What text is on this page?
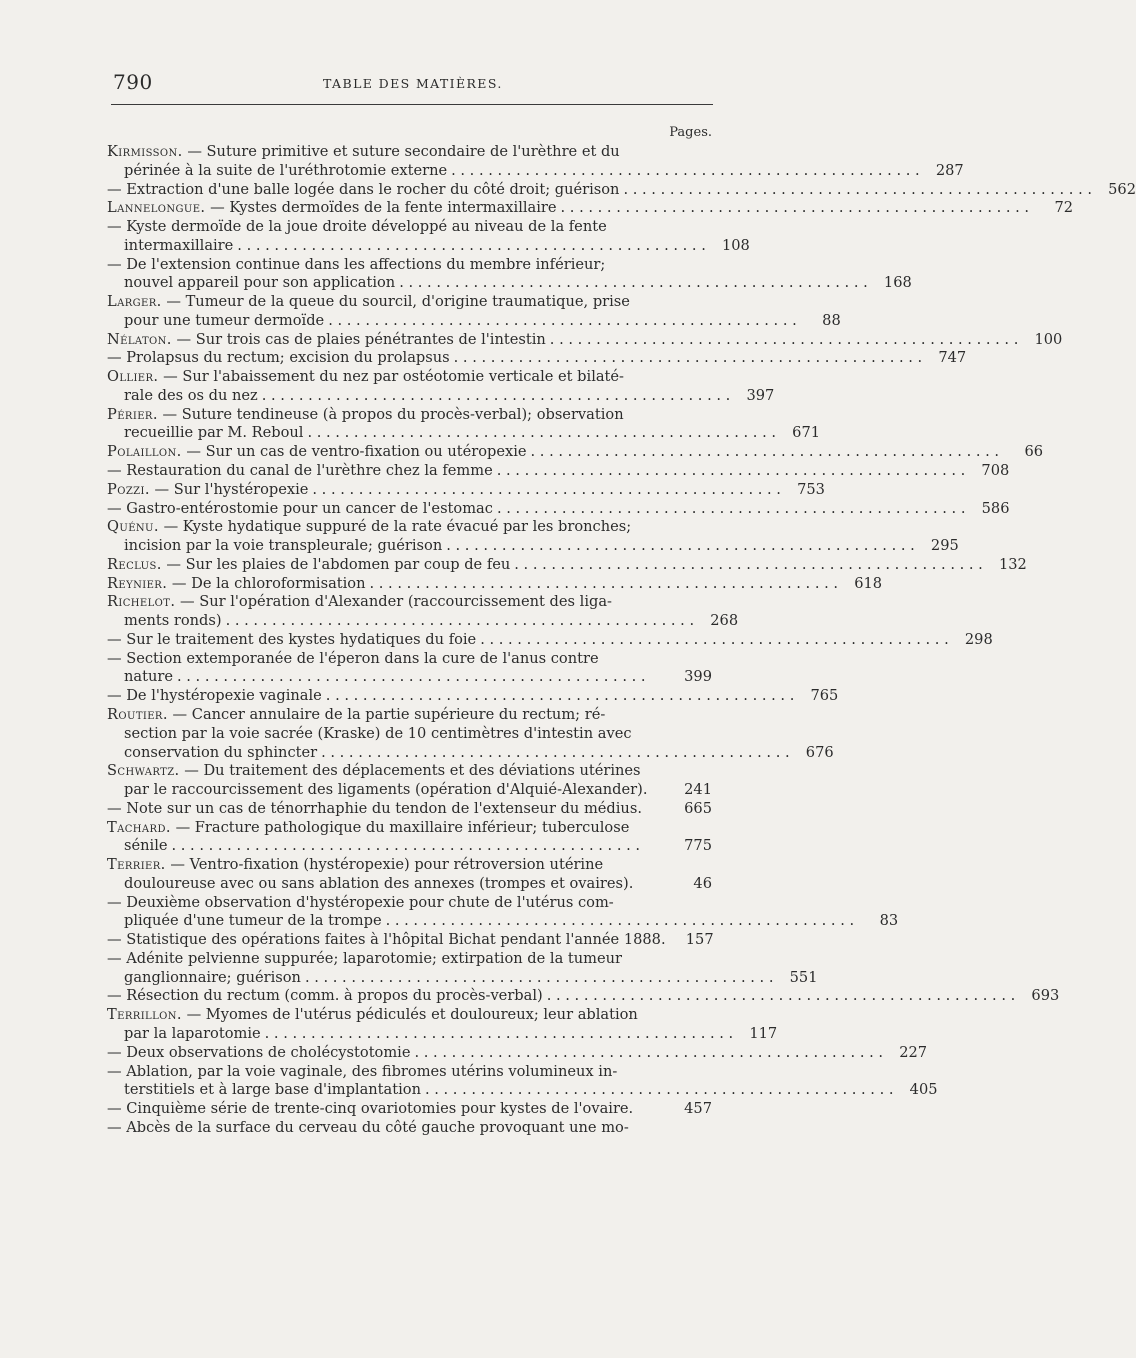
790	TABLE DES MATIÈRES.
Pages.
Kirmisson. — Suture primitive et suture secondaire de l'urèthre et du
périnée à la suite de l'uréthrotomie externe . . . . . . . . . . . . . . . . . . . . . . . . . . . . . . . . . . . . . . . . . . . . . . . . . . .	287
— Extraction d'une balle logée dans le rocher du côté droit; guérison . . . . . . . . . . . . . . . . . . . . . . . . . . . . . . . . . . . . . . . . . . . . . . . . . . .	562
Lannelongue. — Kystes dermoïdes de la fente intermaxillaire . . . . . . . . . . . . . . . . . . . . . . . . . . . . . . . . . . . . . . . . . . . . . . . . . . .	72
— Kyste dermoïde de la joue droite développé au niveau de la fente
intermaxillaire . . . . . . . . . . . . . . . . . . . . . . . . . . . . . . . . . . . . . . . . . . . . . . . . . . .	108
— De l'extension continue dans les affections du membre inférieur;
nouvel appareil pour son application . . . . . . . . . . . . . . . . . . . . . . . . . . . . . . . . . . . . . . . . . . . . . . . . . . .	168
Larger. — Tumeur de la queue du sourcil, d'origine traumatique, prise
pour une tumeur dermoïde . . . . . . . . . . . . . . . . . . . . . . . . . . . . . . . . . . . . . . . . . . . . . . . . . . .	88
Nélaton. — Sur trois cas de plaies pénétrantes de l'intestin . . . . . . . . . . . . . . . . . . . . . . . . . . . . . . . . . . . . . . . . . . . . . . . . . . .	100
— Prolapsus du rectum; excision du prolapsus . . . . . . . . . . . . . . . . . . . . . . . . . . . . . . . . . . . . . . . . . . . . . . . . . . .	747
Ollier. — Sur l'abaissement du nez par ostéotomie verticale et bilaté-
rale des os du nez . . . . . . . . . . . . . . . . . . . . . . . . . . . . . . . . . . . . . . . . . . . . . . . . . . .	397
Périer. — Suture tendineuse (à propos du procès-verbal); observation
recueillie par M. Reboul . . . . . . . . . . . . . . . . . . . . . . . . . . . . . . . . . . . . . . . . . . . . . . . . . . .	671
Polaillon. — Sur un cas de ventro-fixation ou utéropexie . . . . . . . . . . . . . . . . . . . . . . . . . . . . . . . . . . . . . . . . . . . . . . . . . . .	66
— Restauration du canal de l'urèthre chez la femme . . . . . . . . . . . . . . . . . . . . . . . . . . . . . . . . . . . . . . . . . . . . . . . . . . .	708
Pozzi. — Sur l'hystéropexie . . . . . . . . . . . . . . . . . . . . . . . . . . . . . . . . . . . . . . . . . . . . . . . . . . .	753
— Gastro-entérostomie pour un cancer de l'estomac . . . . . . . . . . . . . . . . . . . . . . . . . . . . . . . . . . . . . . . . . . . . . . . . . . .	586
Quénu. — Kyste hydatique suppuré de la rate évacué par les bronches;
incision par la voie transpleurale; guérison . . . . . . . . . . . . . . . . . . . . . . . . . . . . . . . . . . . . . . . . . . . . . . . . . . .	295
Reclus. — Sur les plaies de l'abdomen par coup de feu . . . . . . . . . . . . . . . . . . . . . . . . . . . . . . . . . . . . . . . . . . . . . . . . . . .	132
Reynier. — De la chloroformisation . . . . . . . . . . . . . . . . . . . . . . . . . . . . . . . . . . . . . . . . . . . . . . . . . . .	618
Richelot. — Sur l'opération d'Alexander (raccourcissement des liga-
ments ronds) . . . . . . . . . . . . . . . . . . . . . . . . . . . . . . . . . . . . . . . . . . . . . . . . . . .	268
— Sur le traitement des kystes hydatiques du foie . . . . . . . . . . . . . . . . . . . . . . . . . . . . . . . . . . . . . . . . . . . . . . . . . . .	298
— Section extemporanée de l'éperon dans la cure de l'anus contre
nature . . . . . . . . . . . . . . . . . . . . . . . . . . . . . . . . . . . . . . . . . . . . . . . . . . .	399
— De l'hystéropexie vaginale . . . . . . . . . . . . . . . . . . . . . . . . . . . . . . . . . . . . . . . . . . . . . . . . . . .	765
Routier. — Cancer annulaire de la partie supérieure du rectum; ré-
section par la voie sacrée (Kraske) de 10 centimètres d'intestin avec
conservation du sphincter . . . . . . . . . . . . . . . . . . . . . . . . . . . . . . . . . . . . . . . . . . . . . . . . . . .	676
Schwartz. — Du traitement des déplacements et des déviations utérines
par le raccourcissement des ligaments (opération d'Alquié-Alexander).	241
— Note sur un cas de ténorrhaphie du tendon de l'extenseur du médius.	665
Tachard. — Fracture pathologique du maxillaire inférieur; tuberculose
sénile . . . . . . . . . . . . . . . . . . . . . . . . . . . . . . . . . . . . . . . . . . . . . . . . . . .	775
Terrier. — Ventro-fixation (hystéropexie) pour rétroversion utérine
douloureuse avec ou sans ablation des annexes (trompes et ovaires).	46
— Deuxième observation d'hystéropexie pour chute de l'utérus com-
pliquée d'une tumeur de la trompe . . . . . . . . . . . . . . . . . . . . . . . . . . . . . . . . . . . . . . . . . . . . . . . . . . .	83
— Statistique des opérations faites à l'hôpital Bichat pendant l'année 1888.	157
— Adénite pelvienne suppurée; laparotomie; extirpation de la tumeur
ganglionnaire; guérison . . . . . . . . . . . . . . . . . . . . . . . . . . . . . . . . . . . . . . . . . . . . . . . . . . .	551
— Résection du rectum (comm. à propos du procès-verbal) . . . . . . . . . . . . . . . . . . . . . . . . . . . . . . . . . . . . . . . . . . . . . . . . . . .	693
Terrillon. — Myomes de l'utérus pédiculés et douloureux; leur ablation
par la laparotomie . . . . . . . . . . . . . . . . . . . . . . . . . . . . . . . . . . . . . . . . . . . . . . . . . . .	117
— Deux observations de cholécystotomie . . . . . . . . . . . . . . . . . . . . . . . . . . . . . . . . . . . . . . . . . . . . . . . . . . .	227
— Ablation, par la voie vaginale, des fibromes utérins volumineux in-
terstitiels et à large base d'implantation . . . . . . . . . . . . . . . . . . . . . . . . . . . . . . . . . . . . . . . . . . . . . . . . . . .	405
— Cinquième série de trente-cinq ovariotomies pour kystes de l'ovaire.	457
— Abcès de la surface du cerveau du côté gauche provoquant une mo-
